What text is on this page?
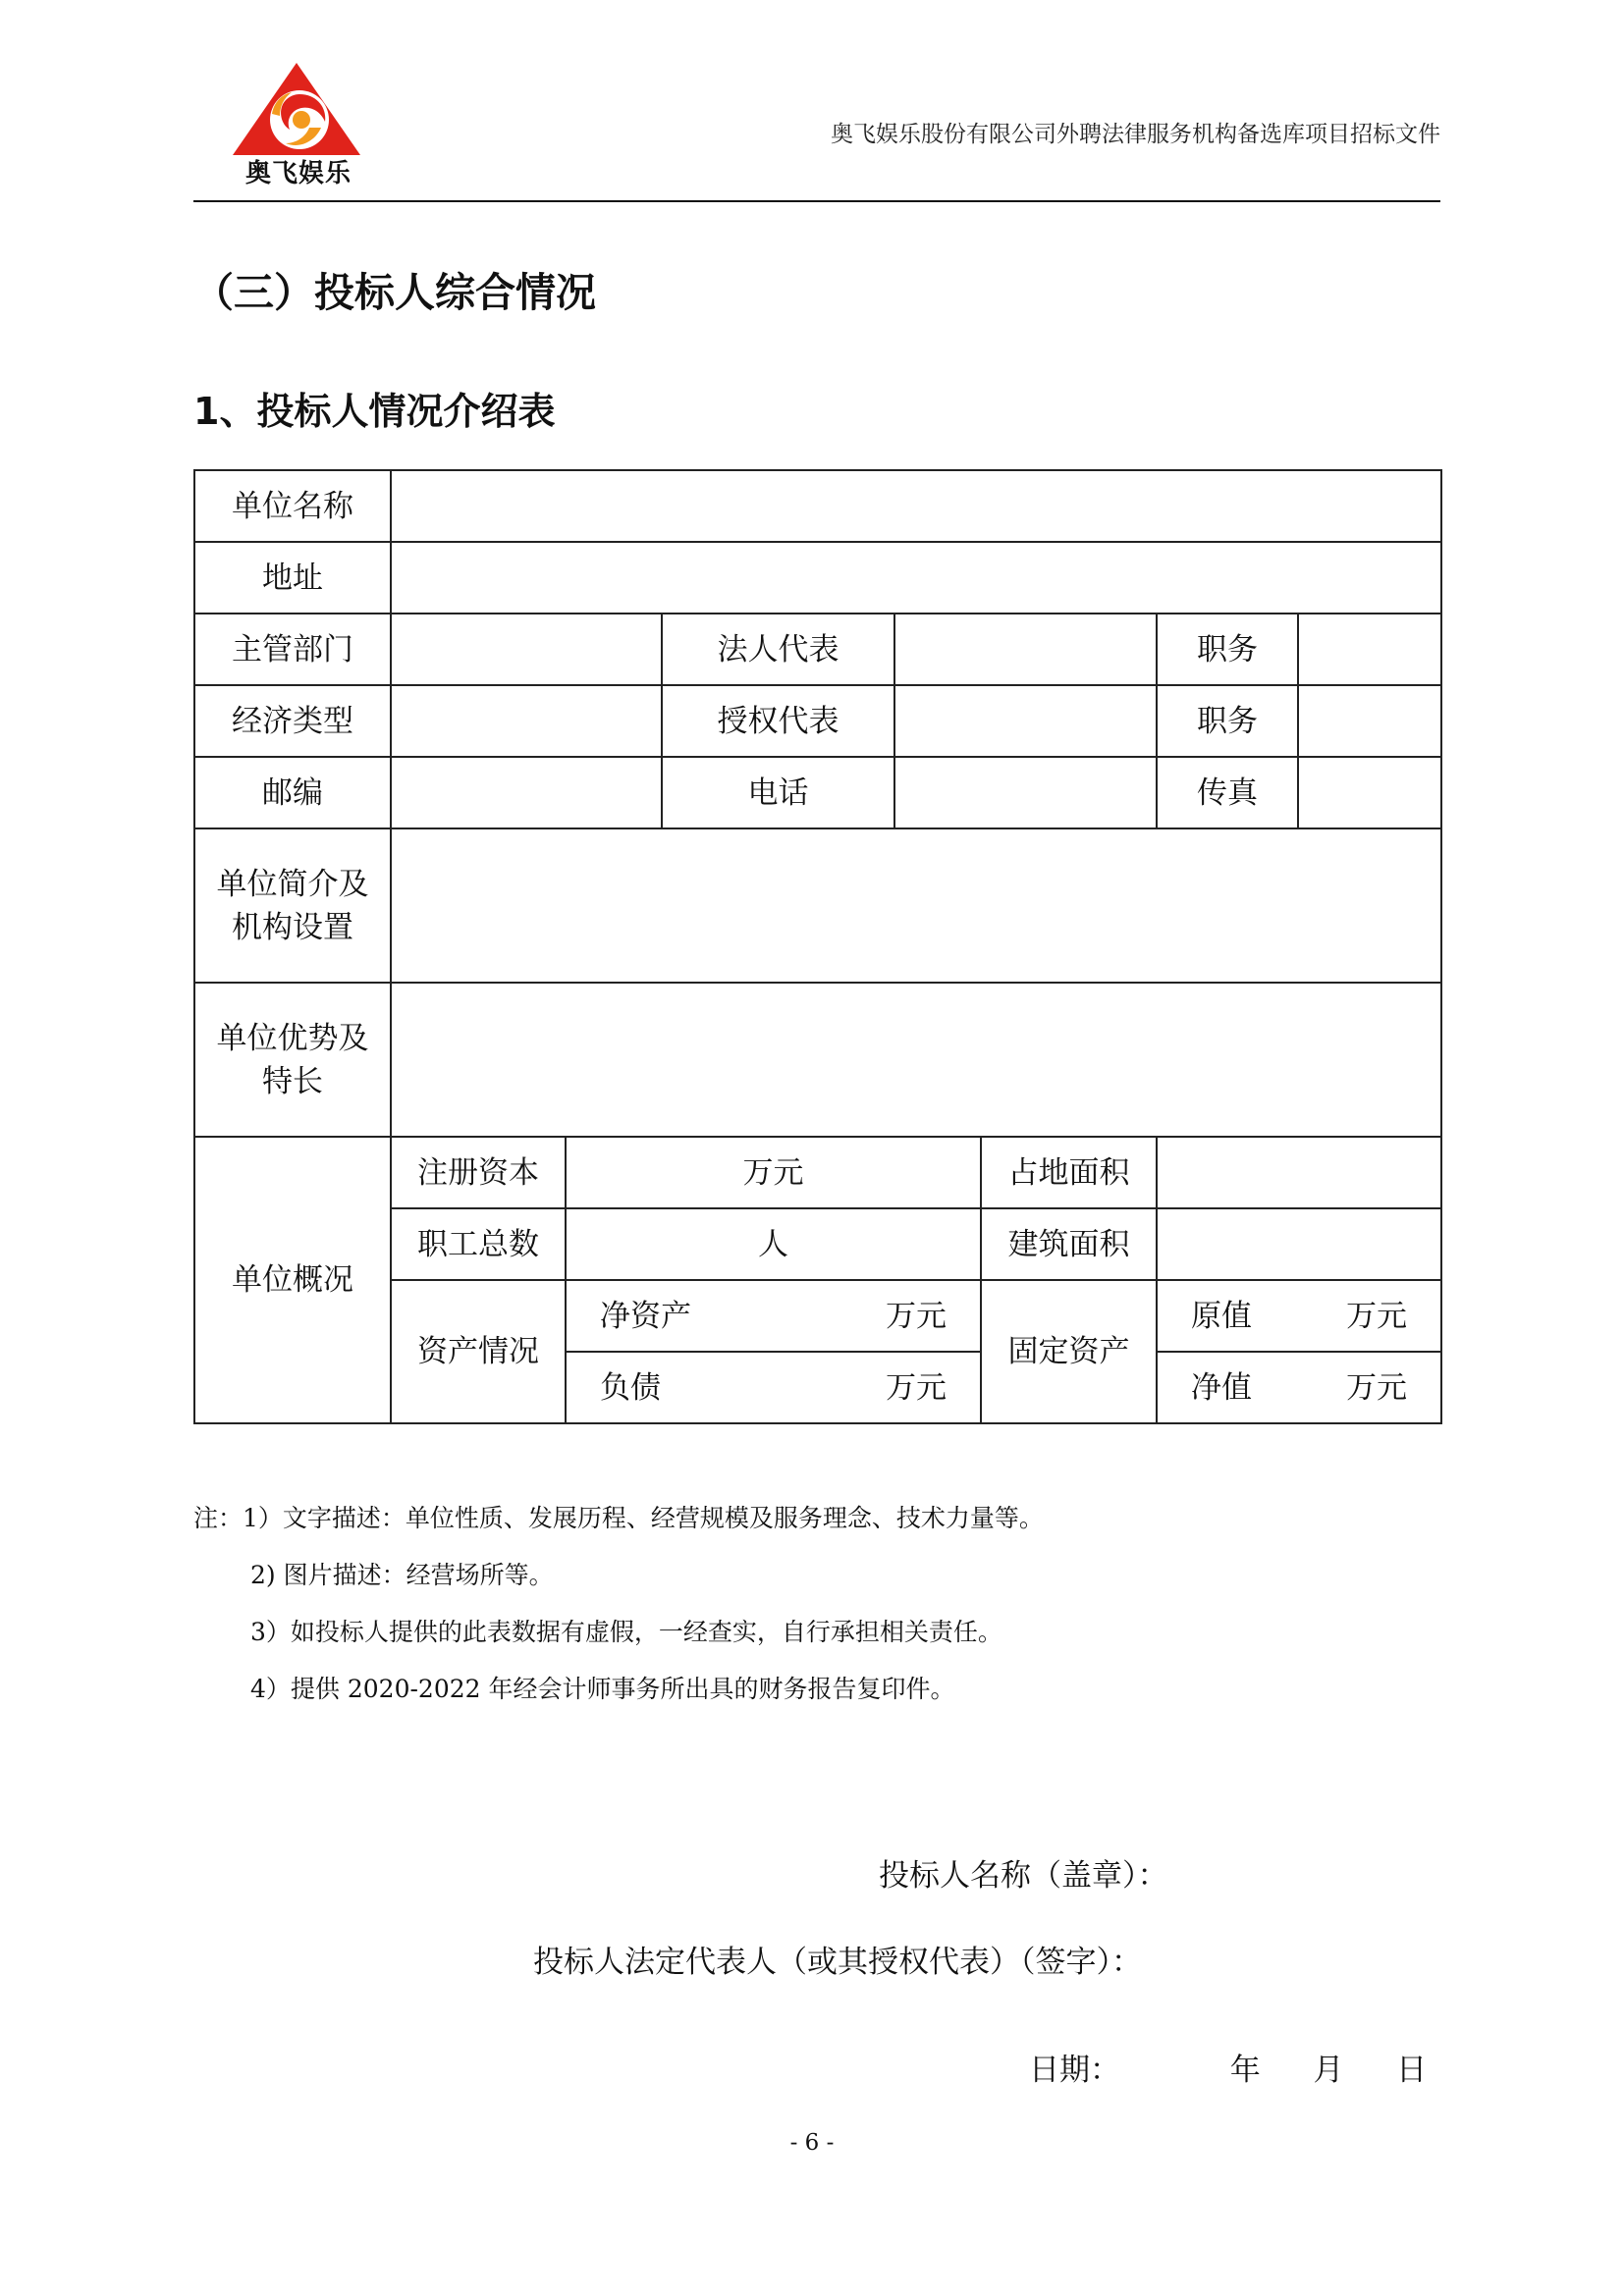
奥飞娱乐
奥飞娱乐股份有限公司外聘法律服务机构备选库项目招标文件
（三）投标人综合情况
1、投标人情况介绍表
单位名称							
地址							
主管部门			法人代表			职务	
经济类型			授权代表			职务	
邮编			电话			传真	

单位简介及
机构设置							

单位优势及
特长							

单位概况	注册资本	万元			占地面积		
	职工总数	人			建筑面积		
	资产情况	净资产 万元			固定资产	原值 万元	

		负债 万元				净值 万元	
注：1）文字描述：单位性质、发展历程、经营规模及服务理念、技术力量等。
2) 图片描述：经营场所等。
3）如投标人提供的此表数据有虚假，一经查实，自行承担相关责任。
4）提供 2020-2022 年经会计师事务所出具的财务报告复印件。
投标人名称（盖章）：
投标人法定代表人（或其授权代表）（签字）：
日期：	年 月 日
- 6 -
